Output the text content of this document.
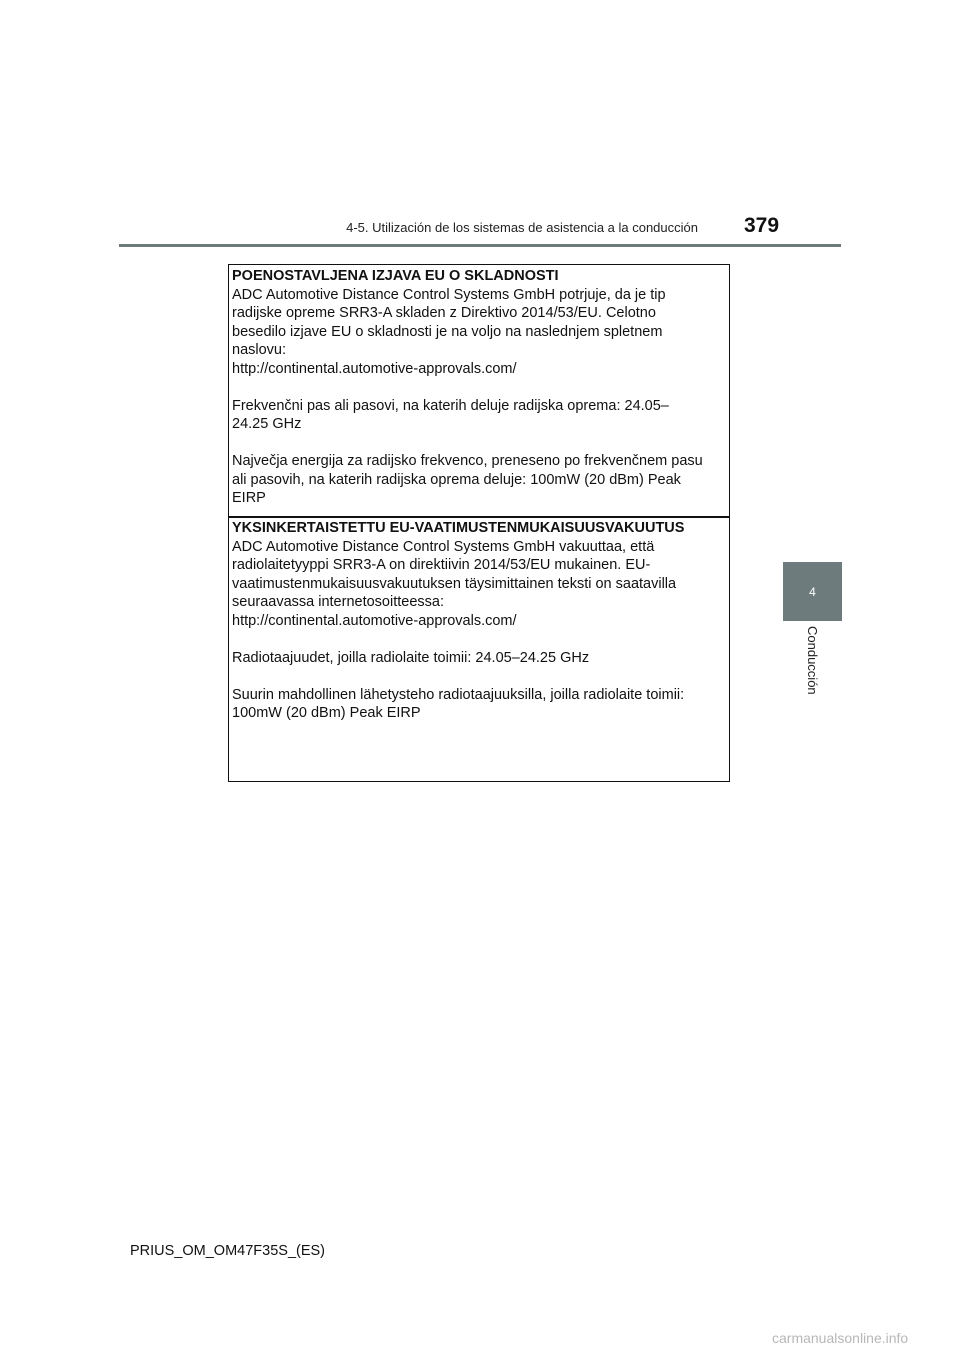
4-5. Utilización de los sistemas de asistencia a la conducción 379
4
Conducción
POENOSTAVLJENA IZJAVA EU O SKLADNOSTI
ADC Automotive Distance Control Systems GmbH potrjuje, da je tip
radijske opreme SRR3-A skladen z Direktivo 2014/53/EU. Celotno
besedilo izjave EU o skladnosti je na voljo na naslednjem spletnem
naslovu:
http://continental.automotive-approvals.com/
Frekvenčni pas ali pasovi, na katerih deluje radijska oprema: 24.05–
24.25 GHz
Največja energija za radijsko frekvenco, preneseno po frekvenčnem pasu
ali pasovih, na katerih radijska oprema deluje: 100mW (20 dBm) Peak
EIRP
YKSINKERTAISTETTU EU-VAATIMUSTENMUKAISUUSVAKUUTUS
ADC Automotive Distance Control Systems GmbH vakuuttaa, että
radiolaitetyyppi SRR3-A on direktiivin 2014/53/EU mukainen. EU-
vaatimustenmukaisuusvakuutuksen täysimittainen teksti on saatavilla
seuraavassa internetosoitteessa:
http://continental.automotive-approvals.com/
Radiotaajuudet, joilla radiolaite toimii: 24.05–24.25 GHz
Suurin mahdollinen lähetysteho radiotaajuuksilla, joilla radiolaite toimii:
100mW (20 dBm) Peak EIRP
PRIUS_OM_OM47F35S_(ES)
carmanualsonline.info
